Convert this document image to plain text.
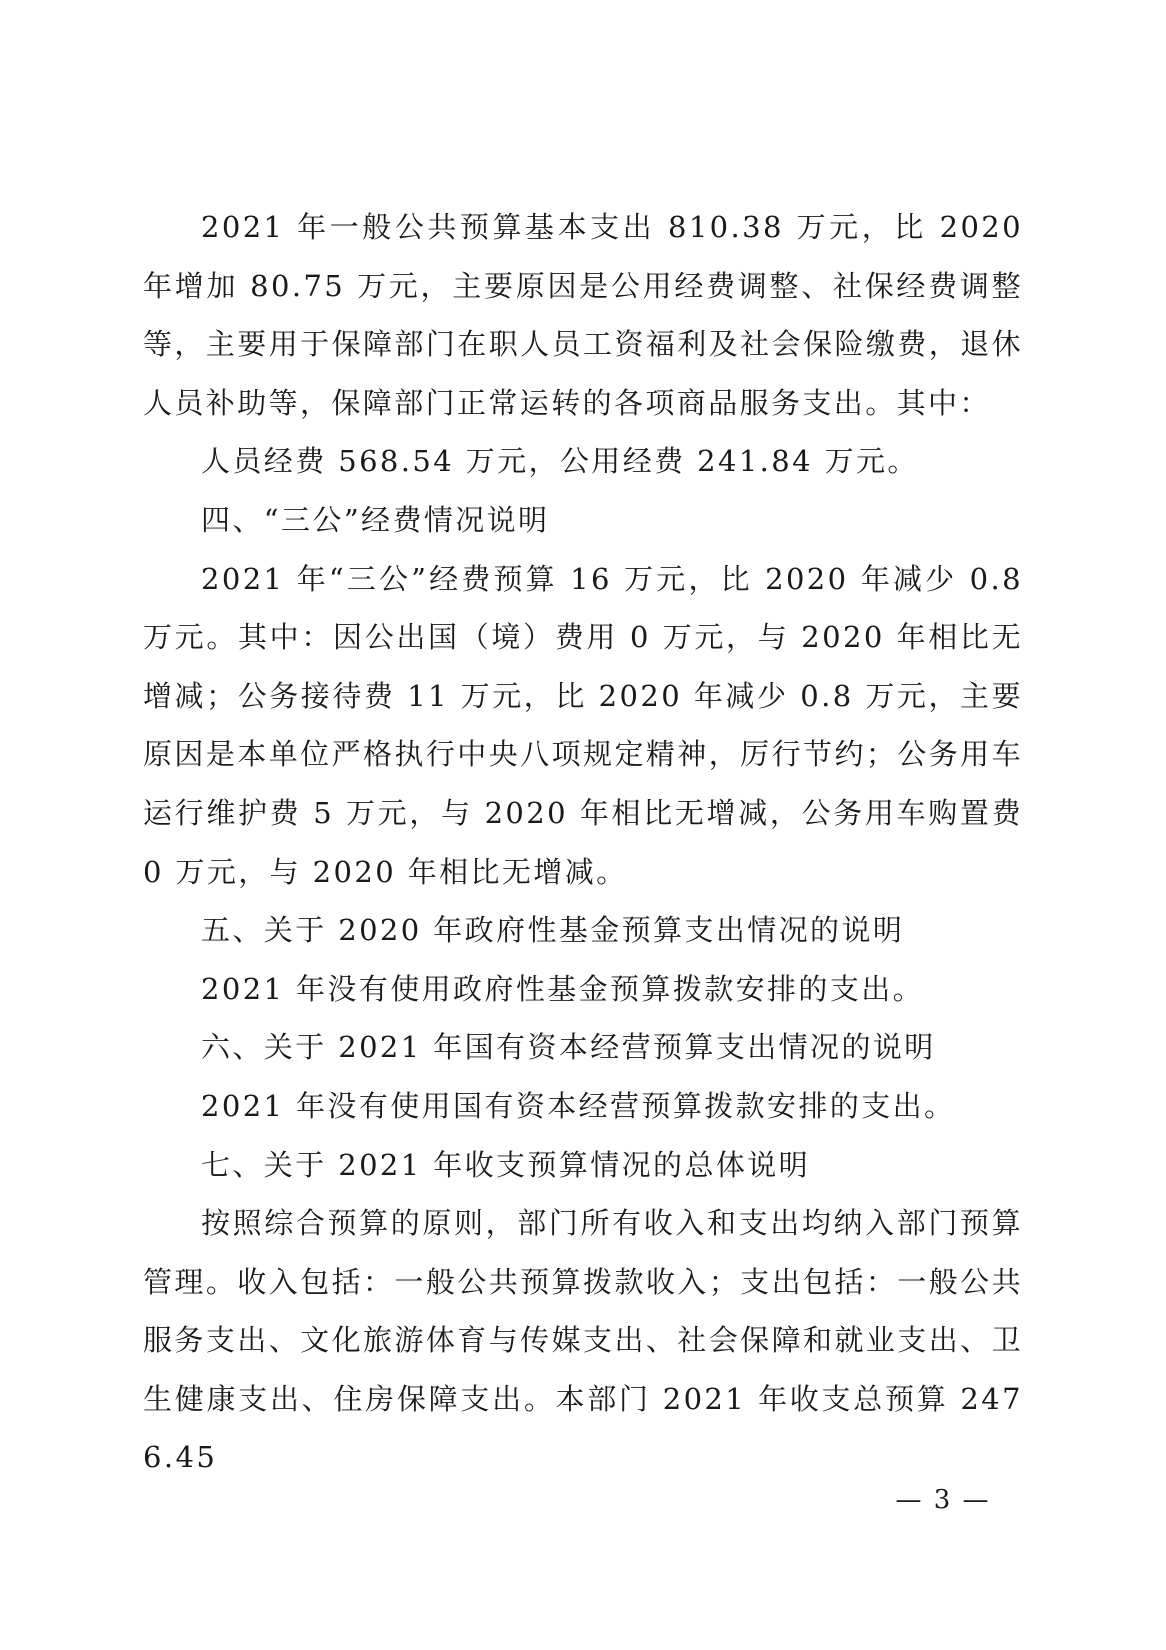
2021 年一般公共预算基本支出 810.38 万元，比 2020 年增加 80.75 万元，主要原因是公用经费调整、社保经费调整等，主要用于保障部门在职人员工资福利及社会保险缴费，退休人员补助等，保障部门正常运转的各项商品服务支出。其中：

人员经费 568.54 万元，公用经费 241.84 万元。

四、“三公”经费情况说明

2021 年“三公”经费预算 16 万元，比 2020 年减少 0.8 万元。其中：因公出国（境）费用 0 万元，与 2020 年相比无增减；公务接待费 11 万元，比 2020 年减少 0.8 万元，主要原因是本单位严格执行中央八项规定精神，厉行节约；公务用车运行维护费 5 万元，与 2020 年相比无增减，公务用车购置费 0 万元，与 2020 年相比无增减。

五、关于 2020 年政府性基金预算支出情况的说明

2021 年没有使用政府性基金预算拨款安排的支出。

六、关于 2021 年国有资本经营预算支出情况的说明

2021 年没有使用国有资本经营预算拨款安排的支出。

七、关于 2021 年收支预算情况的总体说明

按照综合预算的原则，部门所有收入和支出均纳入部门预算管理。收入包括：一般公共预算拨款收入；支出包括：一般公共服务支出、文化旅游体育与传媒支出、社会保障和就业支出、卫生健康支出、住房保障支出。本部门 2021 年收支总预算 2476.45

— 3 —
